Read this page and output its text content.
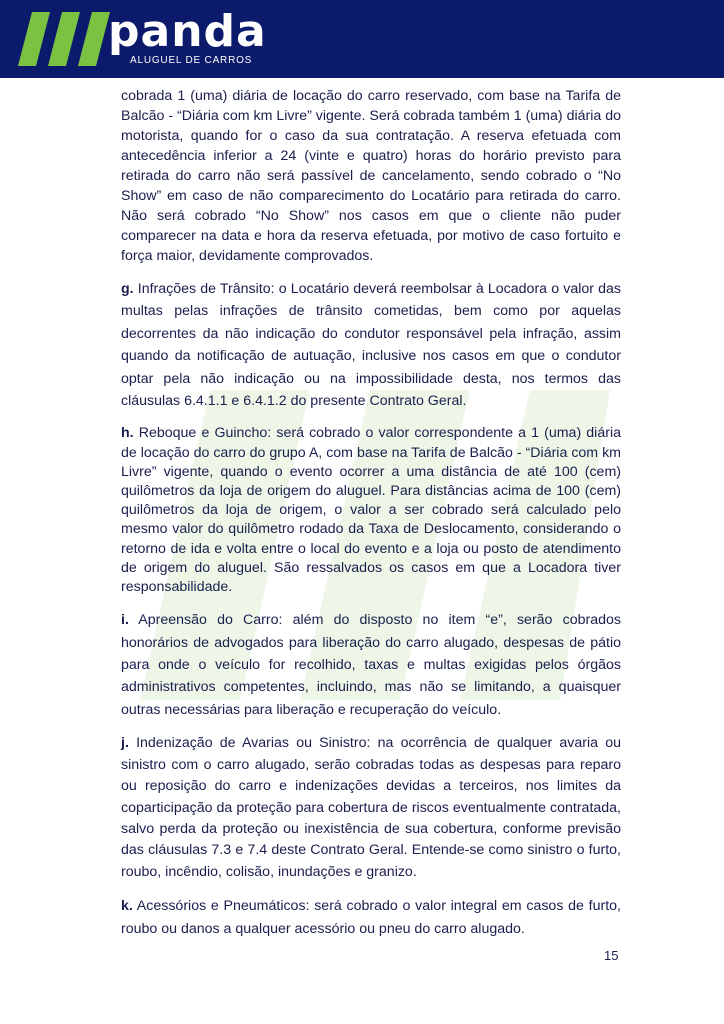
panda
ALUGUEL DE CARROS

cobrada 1 (uma) diária de locação do carro reservado, com base na Tarifa de Balcão - “Diária com km Livre” vigente. Será cobrada também 1 (uma) diária do motorista, quando for o caso da sua contratação. A reserva efetuada com antecedência inferior a 24 (vinte e quatro) horas do horário previsto para retirada do carro não será passível de cancelamento, sendo cobrado o “No Show” em caso de não comparecimento do Locatário para retirada do carro. Não será cobrado “No Show” nos casos em que o cliente não puder comparecer na data e hora da reserva efetuada, por motivo de caso fortuito e força maior, devidamente comprovados.

g. Infrações de Trânsito: o Locatário deverá reembolsar à Locadora o valor das multas pelas infrações de trânsito cometidas, bem como por aquelas decorrentes da não indicação do condutor responsável pela infração, assim quando da notificação de autuação, inclusive nos casos em que o condutor optar pela não indicação ou na impossibilidade desta, nos termos das cláusulas 6.4.1.1 e 6.4.1.2 do presente Contrato Geral.

h. Reboque e Guincho: será cobrado o valor correspondente a 1 (uma) diária de locação do carro do grupo A, com base na Tarifa de Balcão - “Diária com km Livre” vigente, quando o evento ocorrer a uma distância de até 100 (cem) quilômetros da loja de origem do aluguel. Para distâncias acima de 100 (cem) quilômetros da loja de origem, o valor a ser cobrado será calculado pelo mesmo valor do quilômetro rodado da Taxa de Deslocamento, considerando o retorno de ida e volta entre o local do evento e a loja ou posto de atendimento de origem do aluguel. São ressalvados os casos em que a Locadora tiver responsabilidade.

i. Apreensão do Carro: além do disposto no item “e”, serão cobrados honorários de advogados para liberação do carro alugado, despesas de pátio para onde o veículo for recolhido, taxas e multas exigidas pelos órgãos administrativos competentes, incluindo, mas não se limitando, a quaisquer outras necessárias para liberação e recuperação do veículo.

j. Indenização de Avarias ou Sinistro: na ocorrência de qualquer avaria ou sinistro com o carro alugado, serão cobradas todas as despesas para reparo ou reposição do carro e indenizações devidas a terceiros, nos limites da coparticipação da proteção para cobertura de riscos eventualmente contratada, salvo perda da proteção ou inexistência de sua cobertura, conforme previsão das cláusulas 7.3 e 7.4 deste Contrato Geral. Entende-se como sinistro o furto, roubo, incêndio, colisão, inundações e granizo.

k. Acessórios e Pneumáticos: será cobrado o valor integral em casos de furto, roubo ou danos a qualquer acessório ou pneu do carro alugado.

15
